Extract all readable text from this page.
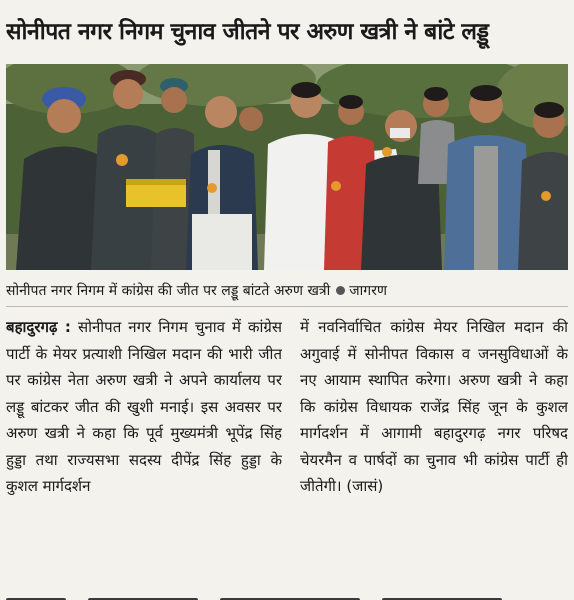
सोनीपत नगर निगम चुनाव जीतने पर अरुण खत्री ने बांटे लड्डू
सोनीपत नगर निगम में कांग्रेस की जीत पर लड्डू बांटते अरुण खत्री जागरण

बहादुरगढ़ : सोनीपत नगर निगम चुनाव में कांग्रेस पार्टी के मेयर प्रत्याशी निखिल मदान की भारी जीत पर कांग्रेस नेता अरुण खत्री ने अपने कार्यालय पर लड्डू बांटकर जीत की खुशी मनाई। इस अवसर पर अरुण खत्री ने कहा कि पूर्व मुख्यमंत्री भूपेंद्र सिंह हुड्डा तथा राज्यसभा सदस्य दीपेंद्र सिंह हुड्डा के कुशल मार्गदर्शन

में नवनिर्वाचित कांग्रेस मेयर निखिल मदान की अगुवाई में सोनीपत विकास व जनसुविधाओं के नए आयाम स्थापित करेगा। अरुण खत्री ने कहा कि कांग्रेस विधायक राजेंद्र सिंह जून के कुशल मार्गदर्शन में आगामी बहादुरगढ़ नगर परिषद चेयरमैन व पार्षदों का चुनाव भी कांग्रेस पार्टी ही जीतेगी। (जासं)
